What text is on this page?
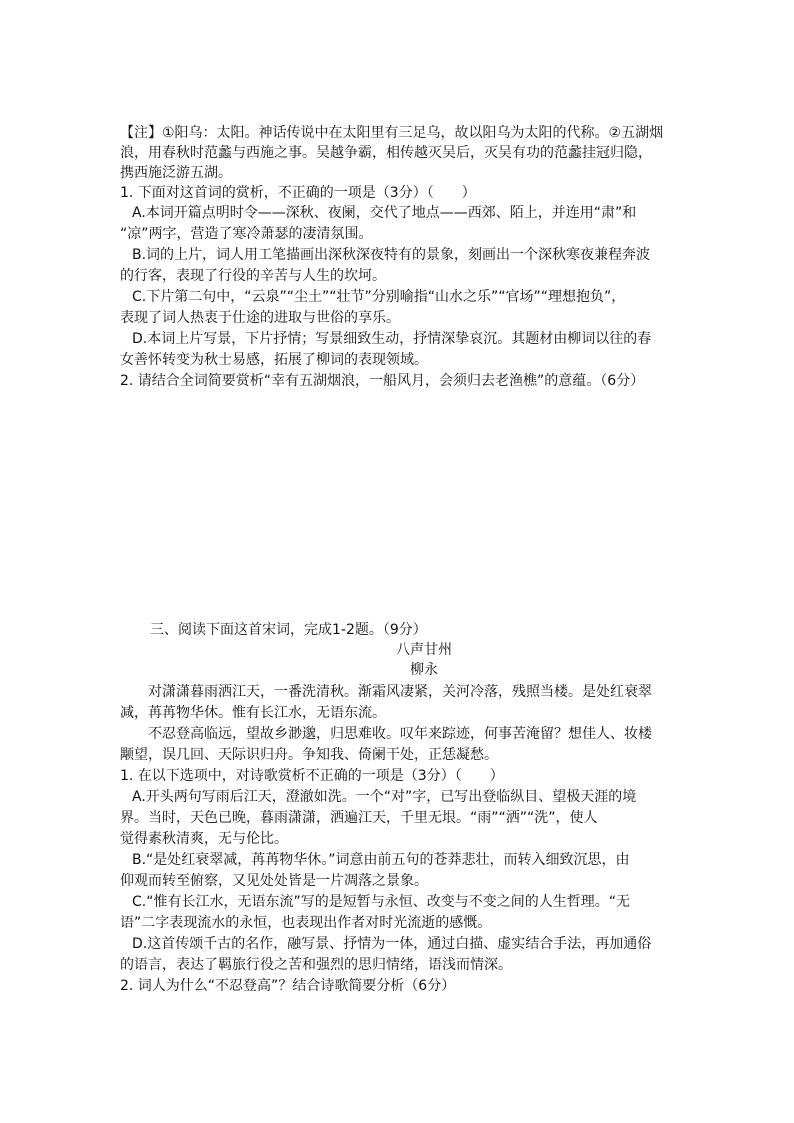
【注】①阳乌：太阳。神话传说中在太阳里有三足乌，故以阳乌为太阳的代称。②五湖烟
浪，用春秋时范蠡与西施之事。吴越争霸，相传越灭吴后，灭吴有功的范蠡挂冠归隐，
携西施泛游五湖。
1. 下面对这首词的赏析，不正确的一项是（3分）（　　）
A.本词开篇点明时令——深秋、夜阑，交代了地点——西郊、陌上，并连用“肃”和
“凉”两字，营造了寒冷萧瑟的凄清氛围。
B.词的上片，词人用工笔描画出深秋深夜特有的景象，刻画出一个深秋寒夜兼程奔波
的行客，表现了行役的辛苦与人生的坎坷。
C.下片第二句中，“云泉”“尘土”“壮节”分别喻指“山水之乐”“官场”“理想抱负”，
表现了词人热衷于仕途的进取与世俗的享乐。
D.本词上片写景，下片抒情；写景细致生动，抒情深挚哀沉。其题材由柳词以往的春
女善怀转变为秋士易感，拓展了柳词的表现领域。
2. 请结合全词简要赏析“幸有五湖烟浪，一船风月，会须归去老渔樵”的意蕴。（6分）
三、阅读下面这首宋词，完成1-2题。（9分）
八声甘州
柳永
对潇潇暮雨洒江天，一番洗清秋。渐霜风凄紧，关河冷落，残照当楼。是处红衰翠
减，苒苒物华休。惟有长江水，无语东流。
不忍登高临远，望故乡渺邈，归思难收。叹年来踪迹，何事苦淹留？想佳人、妆楼
颙望，误几回、天际识归舟。争知我、倚阑干处，正恁凝愁。
1. 在以下选项中，对诗歌赏析不正确的一项是（3分）（　　）
A.开头两句写雨后江天，澄澈如洗。一个“对”字，已写出登临纵目、望极天涯的境
界。当时，天色已晚，暮雨潇潇，洒遍江天，千里无垠。“雨”“洒”“洗”，使人
觉得素秋清爽，无与伦比。
B.“是处红衰翠减，苒苒物华休。”词意由前五句的苍莽悲壮，而转入细致沉思，由
仰观而转至俯察，又见处处皆是一片凋落之景象。
C.“惟有长江水，无语东流”写的是短暂与永恒、改变与不变之间的人生哲理。“无
语”二字表现流水的永恒，也表现出作者对时光流逝的感慨。
D.这首传颂千古的名作，融写景、抒情为一体，通过白描、虚实结合手法，再加通俗
的语言，表达了羁旅行役之苦和强烈的思归情绪，语浅而情深。
2. 词人为什么“不忍登高”？结合诗歌简要分析（6分）
